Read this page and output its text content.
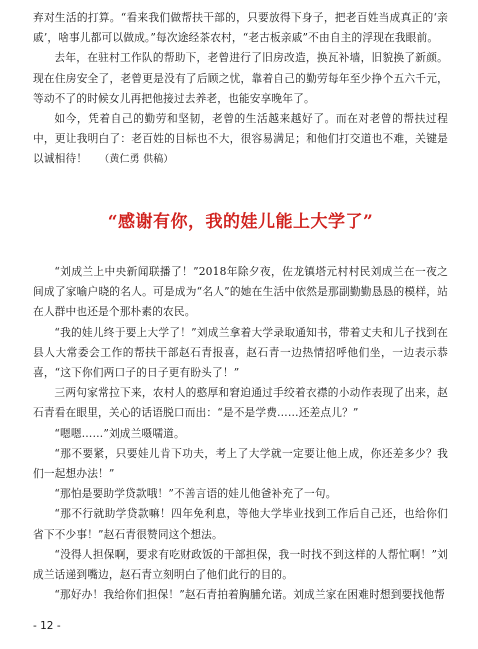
弃对生活的打算。“看来我们做帮扶干部的，只要放得下身子，把老百姓当成真正的‘亲戚’，啥事儿都可以做成。”每次途经茶农村，“老古板亲戚”不由自主的浮现在我眼前。

去年，在驻村工作队的帮助下，老曾进行了旧房改造，换瓦补墙，旧貌换了新颜。现在住房安全了，老曾更是没有了后顾之忧，靠着自己的勤劳每年至少挣个五六千元，等动不了的时候女儿再把他接过去养老，也能安享晚年了。

如今，凭着自己的勤劳和坚韧，老曾的生活越来越好了。而在对老曾的帮扶过程中，更让我明白了：老百姓的目标也不大，很容易满足；和他们打交道也不难，关键是以诚相待！ （黄仁勇 供稿）

“感谢有你，我的娃儿能上大学了”

“刘成兰上中央新闻联播了！”2018年除夕夜，佐龙镇塔元村村民刘成兰在一夜之间成了家喻户晓的名人。可是成为“名人”的她在生活中依然是那副勤勤恳恳的模样，站在人群中也还是个那朴素的农民。

“我的娃儿终于要上大学了！”刘成兰拿着大学录取通知书，带着丈夫和儿子找到在县人大常委会工作的帮扶干部赵石青报喜，赵石青一边热情招呼他们坐，一边表示恭喜，“这下你们两口子的日子更有盼头了！”

三两句家常拉下来，农村人的憨厚和窘迫通过手绞着衣襟的小动作表现了出来，赵石青看在眼里，关心的话语脱口而出：“是不是学费……还差点儿？”

“嗯嗯……”刘成兰嗫嚅道。

“那不要紧，只要娃儿肯下功夫，考上了大学就一定要让他上成，你还差多少？我们一起想办法！”

“那怕是要助学贷款哦！”不善言语的娃儿他爸补充了一句。

“那不行就助学贷款嘛！四年免利息，等他大学毕业找到工作后自己还，也给你们省下不少事！”赵石青很赞同这个想法。

“没得人担保啊，要求有吃财政饭的干部担保，我一时找不到这样的人帮忙啊！”刘成兰话递到嘴边，赵石青立刻明白了他们此行的目的。

“那好办！我给你们担保！”赵石青拍着胸脯允诺。刘成兰家在困难时想到要找他帮

- 12 -
